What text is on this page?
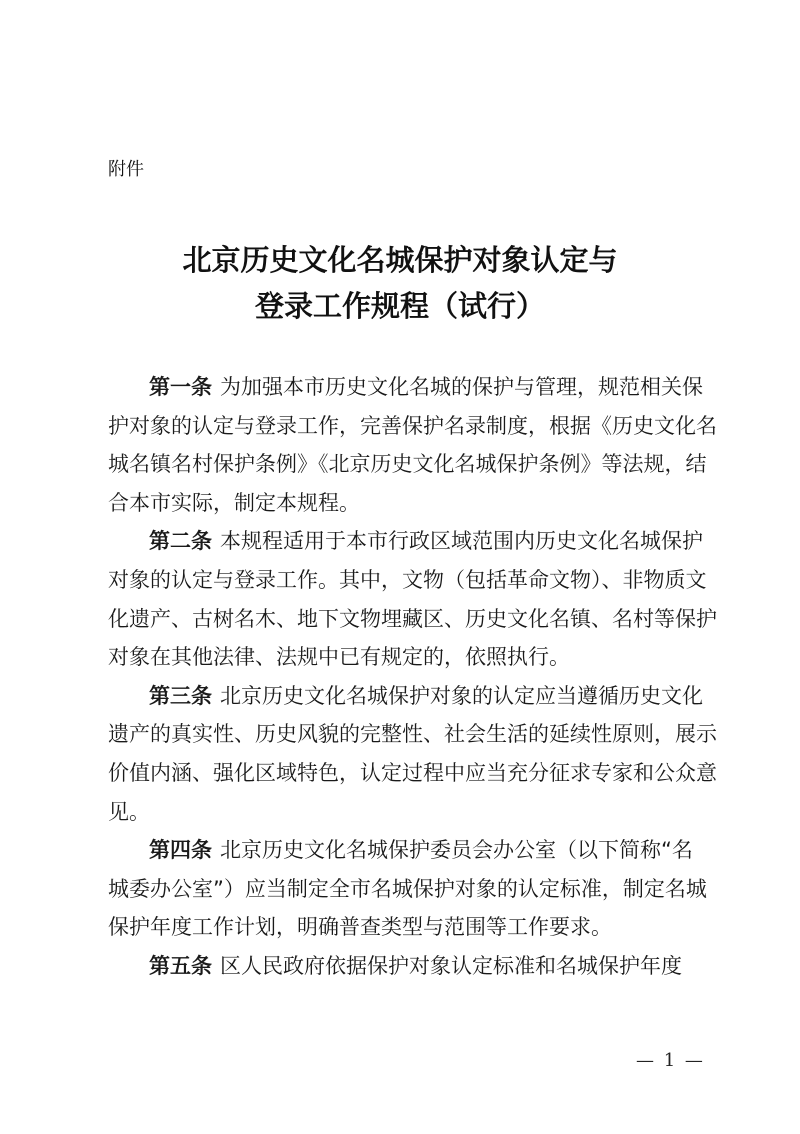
附件
北京历史文化名城保护对象认定与
登录工作规程（试行）
第一条 为加强本市历史文化名城的保护与管理，规范相关保
护对象的认定与登录工作，完善保护名录制度，根据《历史文化名
城名镇名村保护条例》《北京历史文化名城保护条例》等法规，结
合本市实际，制定本规程。
第二条 本规程适用于本市行政区域范围内历史文化名城保护
对象的认定与登录工作。其中，文物（包括革命文物）、非物质文
化遗产、古树名木、地下文物埋藏区、历史文化名镇、名村等保护
对象在其他法律、法规中已有规定的，依照执行。
第三条 北京历史文化名城保护对象的认定应当遵循历史文化
遗产的真实性、历史风貌的完整性、社会生活的延续性原则，展示
价值内涵、强化区域特色，认定过程中应当充分征求专家和公众意
见。
第四条 北京历史文化名城保护委员会办公室（以下简称“名
城委办公室”）应当制定全市名城保护对象的认定标准，制定名城
保护年度工作计划，明确普查类型与范围等工作要求。
第五条 区人民政府依据保护对象认定标准和名城保护年度
— 1 —
